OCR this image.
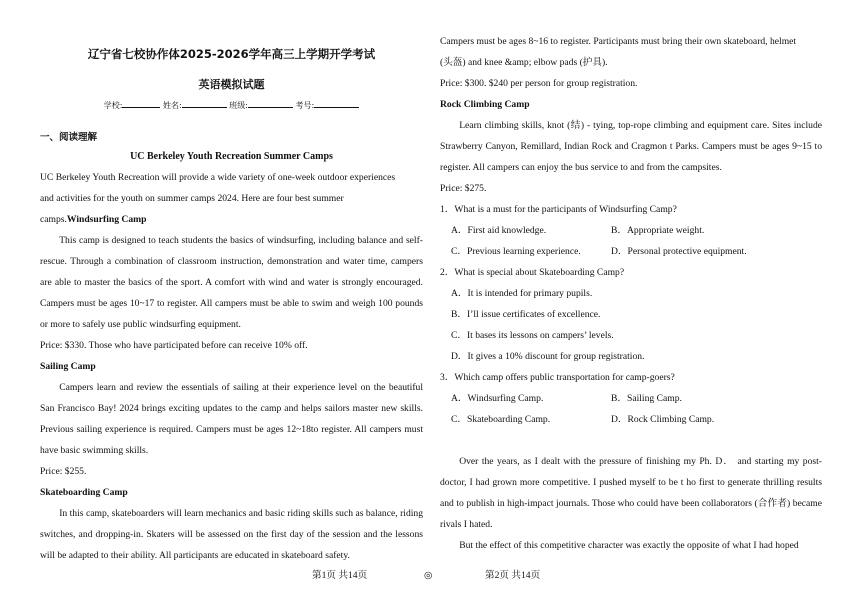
辽宁省七校协作体2025-2026学年高三上学期开学考试
英语模拟试题
学校:	姓名:	班级:	考号:
一、阅读理解
UC Berkeley Youth Recreation Summer Camps

UC Berkeley Youth Recreation will provide a wide variety of one-week outdoor experiences

and activities for the youth on summer camps 2024. Here are four best summer

camps.Windsurfing Camp

This camp is designed to teach students the basics of windsurfing, including balance and self-rescue. Through a combination of classroom instruction, demonstration and water time, campers are able to master the basics of the sport. A comfort with wind and water is strongly encouraged. Campers must be ages 10~17 to register. All campers must be able to swim and weigh 100 pounds or more to safely use public windsurfing equipment.

Price: $330. Those who have participated before can receive 10% off.

Sailing Camp

Campers learn and review the essentials of sailing at their experience level on the beautiful San Francisco Bay! 2024 brings exciting updates to the camp and helps sailors master new skills. Previous sailing experience is required. Campers must be ages 12~18to register. All campers must have basic swimming skills.

Price: $255.

Skateboarding Camp

In this camp, skateboarders will learn mechanics and basic riding skills such as balance, riding switches, and dropping-in. Skaters will be assessed on the first day of the session and the lessons will be adapted to their ability. All participants are educated in skateboard safety.

Campers must be ages 8~16 to register. Participants must bring their own skateboard, helmet

(头盔) and knee &amp; elbow pads (护具).

Price: $300. $240 per person for group registration.

Rock Climbing Camp

Learn climbing skills, knot (结) - tying, top-rope climbing and equipment care. Sites include Strawberry Canyon, Remillard, Indian Rock and Cragmon t Parks. Campers must be ages 9~15 to register. All campers can enjoy the bus service to and from the campsites.

Price: $275.

1．What is a must for the participants of Windsurfing Camp?

A．First aid knowledge.	B．Appropriate weight.
C．Previous learning experience.	D．Personal protective equipment.

2．What is special about Skateboarding Camp?

A．It is intended for primary pupils.
B．I’ll issue certificates of excellence.
C．It bases its lessons on campers’ levels.
D．It gives a 10% discount for group registration.

3．Which camp offers public transportation for camp-goers?

A．Windsurfing Camp.	B．Sailing Camp.
C．Skateboarding Camp.	D．Rock Climbing Camp.

Over the years, as I dealt with the pressure of finishing my Ph. D． and starting my post-doctor, I had grown more competitive. I pushed myself to be t ho first to generate thrilling results and to publish in high-impact journals. Those who could have been collaborators (合作者) became rivals I hated.

But the effect of this competitive character was exactly the opposite of what I had hoped

第1页 共14页	◎	第2页 共14页
